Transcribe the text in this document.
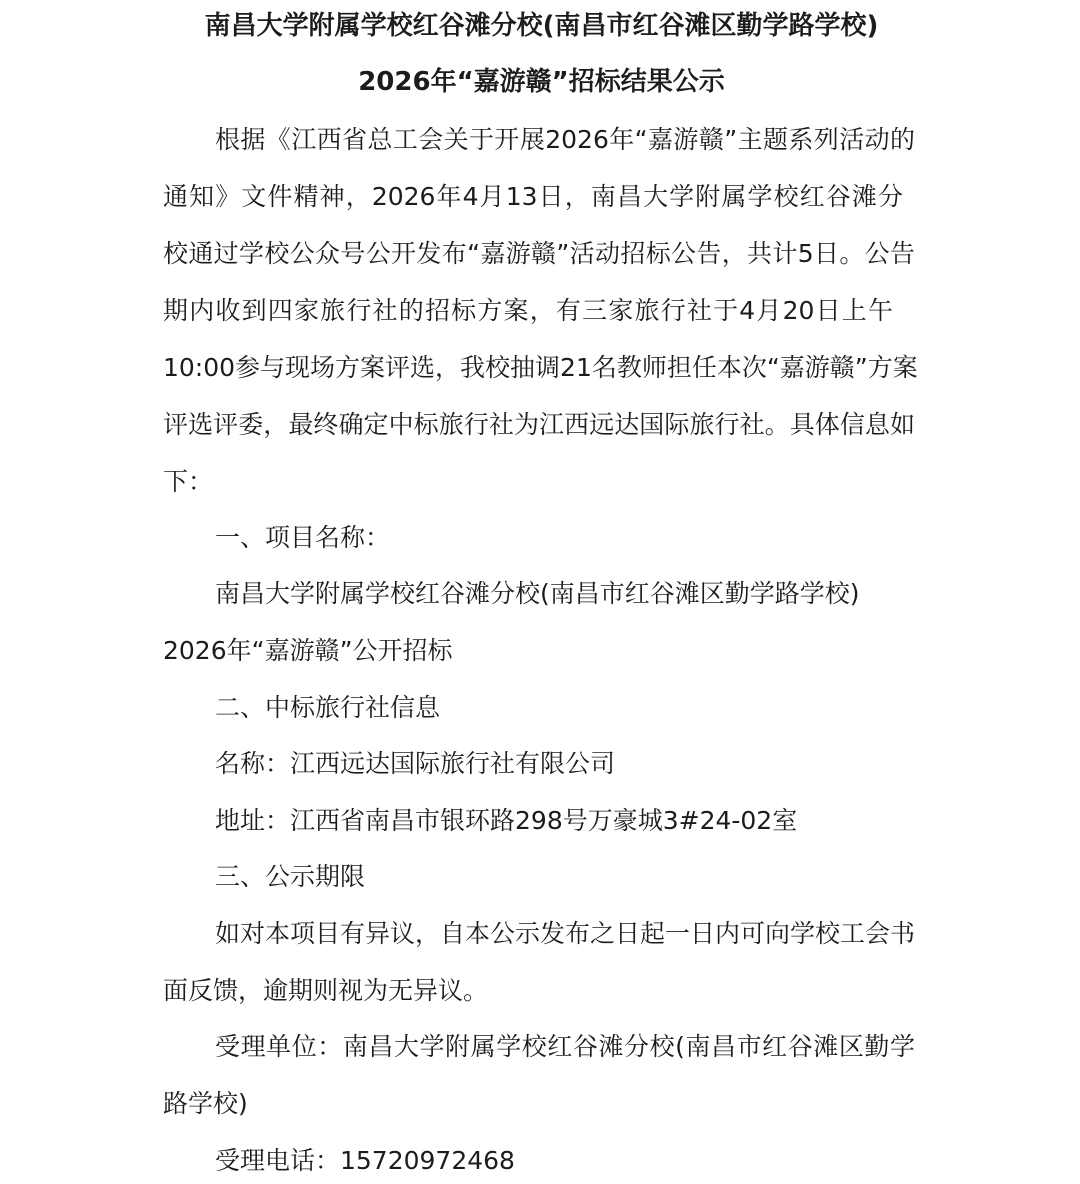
南昌大学附属学校红谷滩分校(南昌市红谷滩区勤学路学校)
2026年“嘉游赣”招标结果公示
根据《江西省总工会关于开展2026年“嘉游赣”主题系列活动的
通知》文件精神，2026年4月13日，南昌大学附属学校红谷滩分
校通过学校公众号公开发布“嘉游赣”活动招标公告，共计5日。公告
期内收到四家旅行社的招标方案，有三家旅行社于4月20日上午
10:00参与现场方案评选，我校抽调21名教师担任本次“嘉游赣”方案
评选评委，最终确定中标旅行社为江西远达国际旅行社。具体信息如
下：
一、项目名称：
南昌大学附属学校红谷滩分校(南昌市红谷滩区勤学路学校)
2026年“嘉游赣”公开招标
二、中标旅行社信息
名称：江西远达国际旅行社有限公司
地址：江西省南昌市银环路298号万豪城3#24-02室
三、公示期限
如对本项目有异议，自本公示发布之日起一日内可向学校工会书
面反馈，逾期则视为无异议。
受理单位：南昌大学附属学校红谷滩分校(南昌市红谷滩区勤学
路学校)
受理电话：15720972468
